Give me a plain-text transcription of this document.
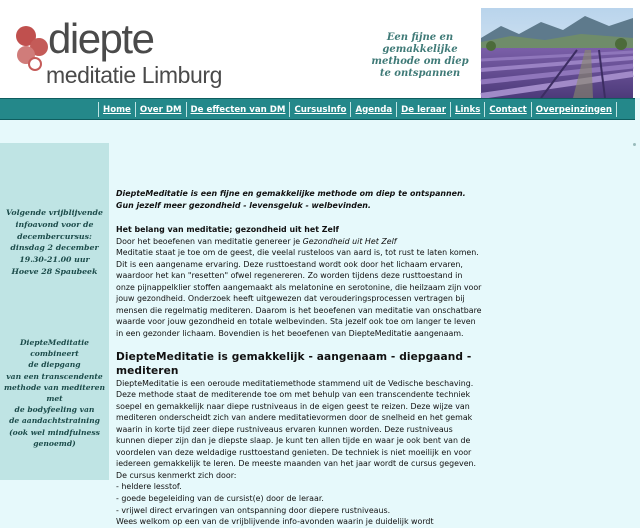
diepte
meditatie Limburg
Een fijne en
gemakkelijke
methode om diep
te ontspannen
Home Over DM De effecten van DM CursusInfo Agenda De leraar Links Contact Overpeinzingen
Volgende vrijblijvende
infoavond voor de
decembercursus:
dinsdag 2 december
19.30-21.00 uur
Hoeve 28 Spaubeek
DiepteMeditatie
combineert
de diepgang
van een transcendente
methode van mediteren
met
de bodyfeeling van
de aandachtstraining
(ook wel mindfulness
genoemd)
DiepteMeditatie is een fijne en gemakkelijke methode om diep te ontspannen.
Gun jezelf meer gezondheid - levensgeluk - welbevinden.
Het belang van meditatie; gezondheid uit het Zelf
Door het beoefenen van meditatie genereer je Gezondheid uit Het Zelf
Meditatie staat je toe om de geest, die veelal rusteloos van aard is, tot rust te laten komen. Dit is een aangename ervaring. Deze rusttoestand wordt ook door het lichaam ervaren, waardoor het kan "resetten" ofwel regenereren. Zo worden tijdens deze rusttoestand in onze pijnappelklier stoffen aangemaakt als melatonine en serotonine, die heilzaam zijn voor jouw gezondheid. Onderzoek heeft uitgewezen dat verouderingsprocessen vertragen bij mensen die regelmatig mediteren. Daarom is het beoefenen van meditatie van onschatbare waarde voor jouw gezondheid en totale welbevinden. Sta jezelf ook toe om langer te leven in een gezonder lichaam. Bovendien is het beoefenen van DiepteMeditatie aangenaam.
DiepteMeditatie is gemakkelijk - aangenaam - diepgaand - mediteren
DiepteMeditatie is een oeroude meditatiemethode stammend uit de Vedische beschaving. Deze methode staat de mediterende toe om met behulp van een transcendente techniek soepel en gemakkelijk naar diepe rustniveaus in de eigen geest te reizen. Deze wijze van mediteren onderscheidt zich van andere meditatievormen door de snelheid en het gemak waarin in korte tijd zeer diepe rustniveaus ervaren kunnen worden. Deze rustniveaus kunnen dieper zijn dan je diepste slaap. Je kunt ten allen tijde en waar je ook bent van de voordelen van deze weldadige rusttoestand genieten. De techniek is niet moeilijk en voor iedereen gemakkelijk te leren. De meeste maanden van het jaar wordt de cursus gegeven. De cursus kenmerkt zich door:
- heldere lesstof.
- goede begeleiding van de cursist(e) door de leraar.
- vrijwel direct ervaringen van ontspanning door diepere rustniveaus.
Wees welkom op een van de vrijblijvende info-avonden waarin je duidelijk wordt
